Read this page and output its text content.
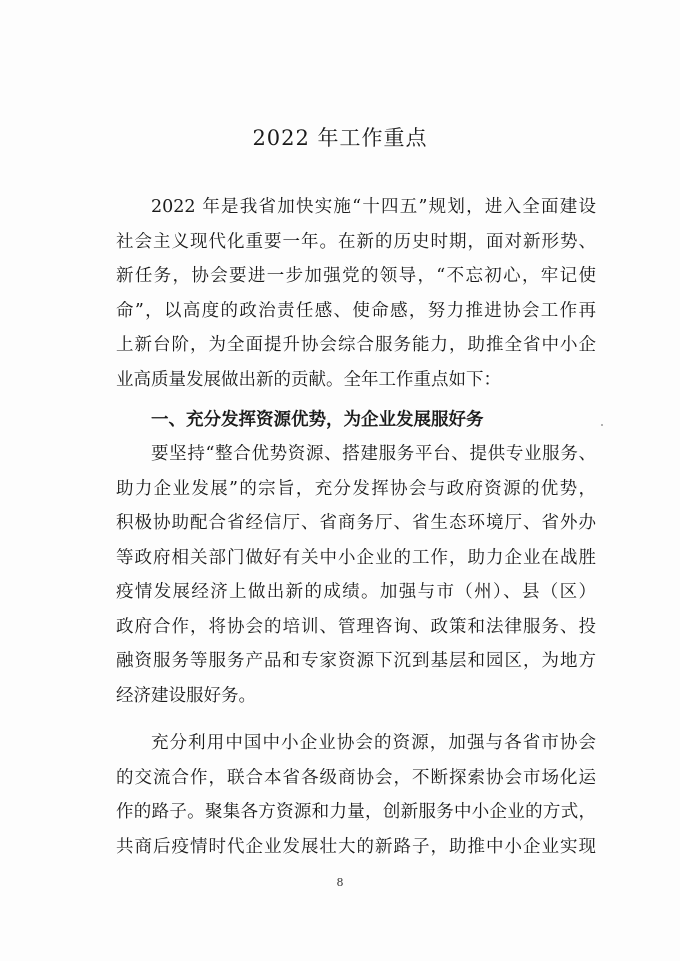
2022 年工作重点
2022 年是我省加快实施“十四五”规划，进入全面建设
社会主义现代化重要一年。在新的历史时期，面对新形势、
新任务，协会要进一步加强党的领导，“不忘初心，牢记使
命”，以高度的政治责任感、使命感，努力推进协会工作再
上新台阶，为全面提升协会综合服务能力，助推全省中小企
业高质量发展做出新的贡献。全年工作重点如下：
一、充分发挥资源优势，为企业发展服好务
要坚持“整合优势资源、搭建服务平台、提供专业服务、
助力企业发展”的宗旨，充分发挥协会与政府资源的优势，
积极协助配合省经信厅、省商务厅、省生态环境厅、省外办
等政府相关部门做好有关中小企业的工作，助力企业在战胜
疫情发展经济上做出新的成绩。加强与市（州）、县（区）
政府合作，将协会的培训、管理咨询、政策和法律服务、投
融资服务等服务产品和专家资源下沉到基层和园区，为地方
经济建设服好务。
充分利用中国中小企业协会的资源，加强与各省市协会
的交流合作，联合本省各级商协会，不断探索协会市场化运
作的路子。聚集各方资源和力量，创新服务中小企业的方式，
共商后疫情时代企业发展壮大的新路子，助推中小企业实现
8
